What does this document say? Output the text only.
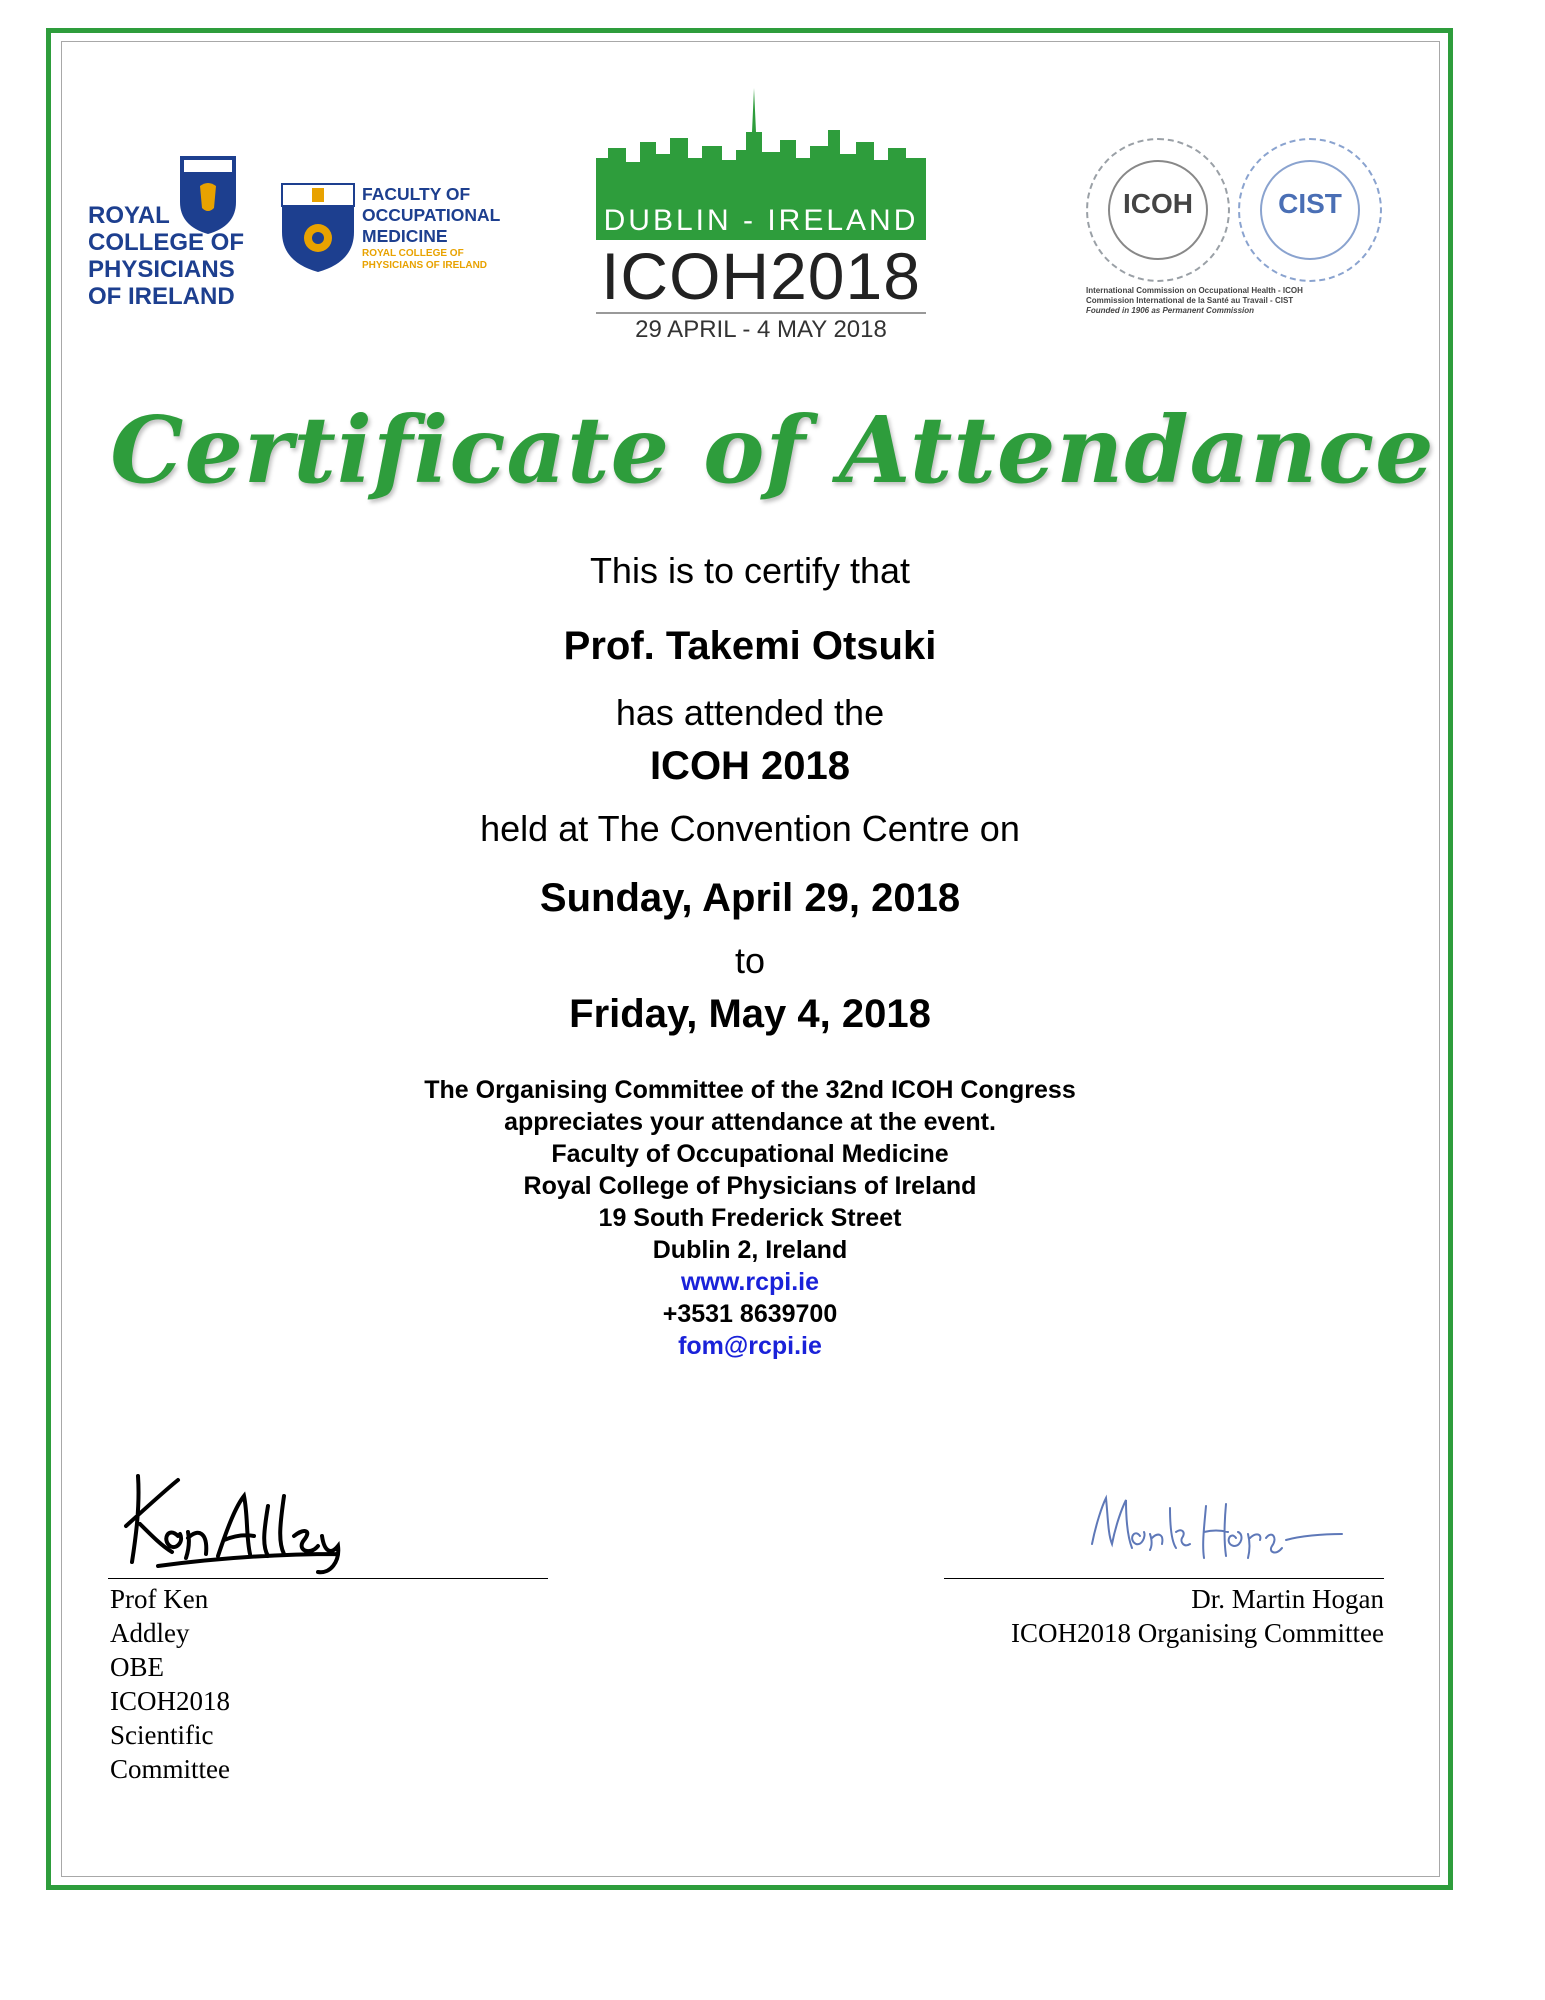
ROYAL
COLLEGE OF
PHYSICIANS
OF IRELAND
FACULTY OF
OCCUPATIONAL
MEDICINE
ROYAL COLLEGE OF
PHYSICIANS OF IRELAND
DUBLIN - IRELAND
ICOH2018
29 APRIL - 4 MAY 2018
ICOH	CIST
International Commission on Occupational Health - ICOH
Commission International de la Santé au Travail - CIST
Founded in 1906 as Permanent Commission
Certificate of Attendance
This is to certify that
Prof. Takemi Otsuki
has attended the
ICOH 2018
held at The Convention Centre on
Sunday, April 29, 2018
to
Friday, May 4, 2018
The Organising Committee of the 32nd ICOH Congress
appreciates your attendance at the event.
Faculty of Occupational Medicine
Royal College of Physicians of Ireland
19 South Frederick Street
Dublin 2, Ireland
www.rcpi.ie
+3531 8639700
fom@rcpi.ie
Prof Ken Addley OBE
ICOH2018 Scientific Committee
Dr. Martin Hogan
ICOH2018 Organising Committee
